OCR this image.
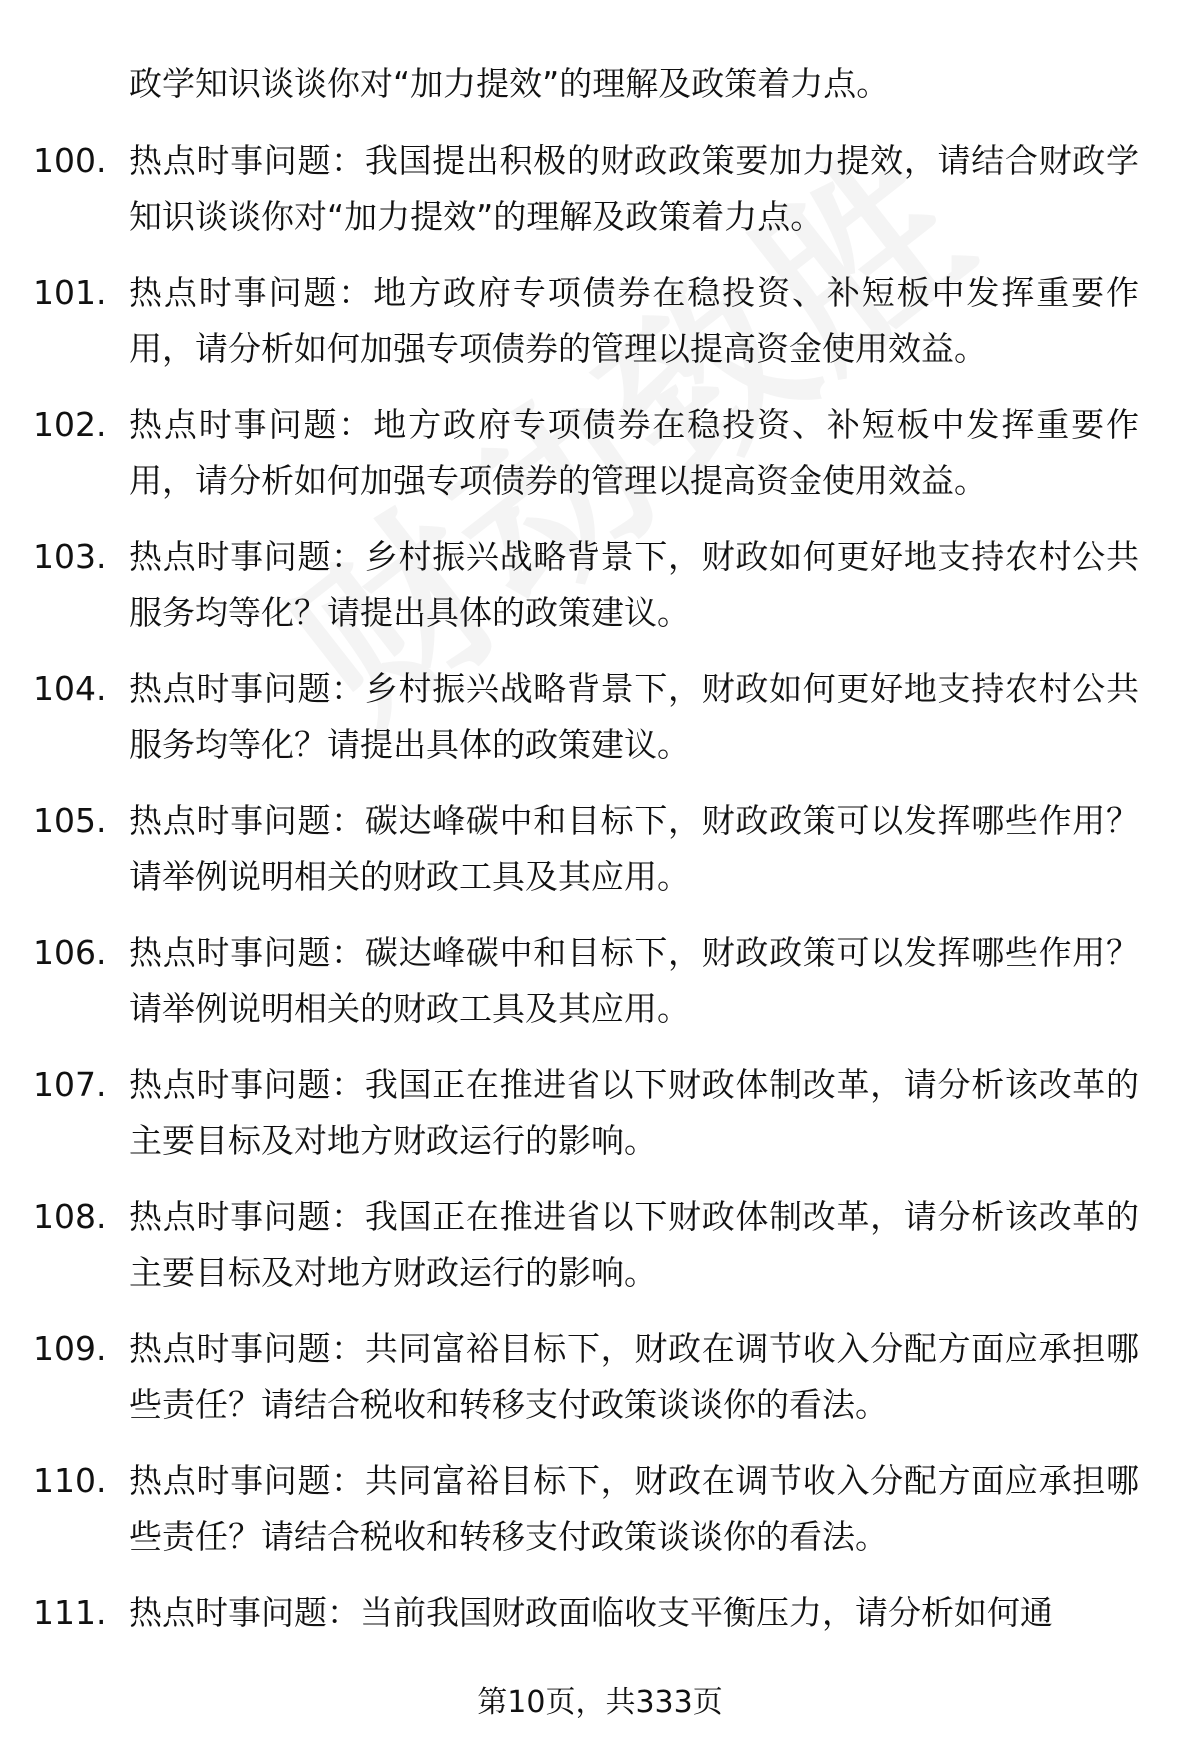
政学知识谈谈你对“加力提效”的理解及政策着力点。
100. 热点时事问题：我国提出积极的财政政策要加力提效，请结合财政学知识谈谈你对“加力提效”的理解及政策着力点。
101. 热点时事问题：地方政府专项债券在稳投资、补短板中发挥重要作用，请分析如何加强专项债券的管理以提高资金使用效益。
102. 热点时事问题：地方政府专项债券在稳投资、补短板中发挥重要作用，请分析如何加强专项债券的管理以提高资金使用效益。
103. 热点时事问题：乡村振兴战略背景下，财政如何更好地支持农村公共服务均等化？请提出具体的政策建议。
104. 热点时事问题：乡村振兴战略背景下，财政如何更好地支持农村公共服务均等化？请提出具体的政策建议。
105. 热点时事问题：碳达峰碳中和目标下，财政政策可以发挥哪些作用？请举例说明相关的财政工具及其应用。
106. 热点时事问题：碳达峰碳中和目标下，财政政策可以发挥哪些作用？请举例说明相关的财政工具及其应用。
107. 热点时事问题：我国正在推进省以下财政体制改革，请分析该改革的主要目标及对地方财政运行的影响。
108. 热点时事问题：我国正在推进省以下财政体制改革，请分析该改革的主要目标及对地方财政运行的影响。
109. 热点时事问题：共同富裕目标下，财政在调节收入分配方面应承担哪些责任？请结合税收和转移支付政策谈谈你的看法。
110. 热点时事问题：共同富裕目标下，财政在调节收入分配方面应承担哪些责任？请结合税收和转移支付政策谈谈你的看法。
111. 热点时事问题：当前我国财政面临收支平衡压力，请分析如何通
第10页，共333页
